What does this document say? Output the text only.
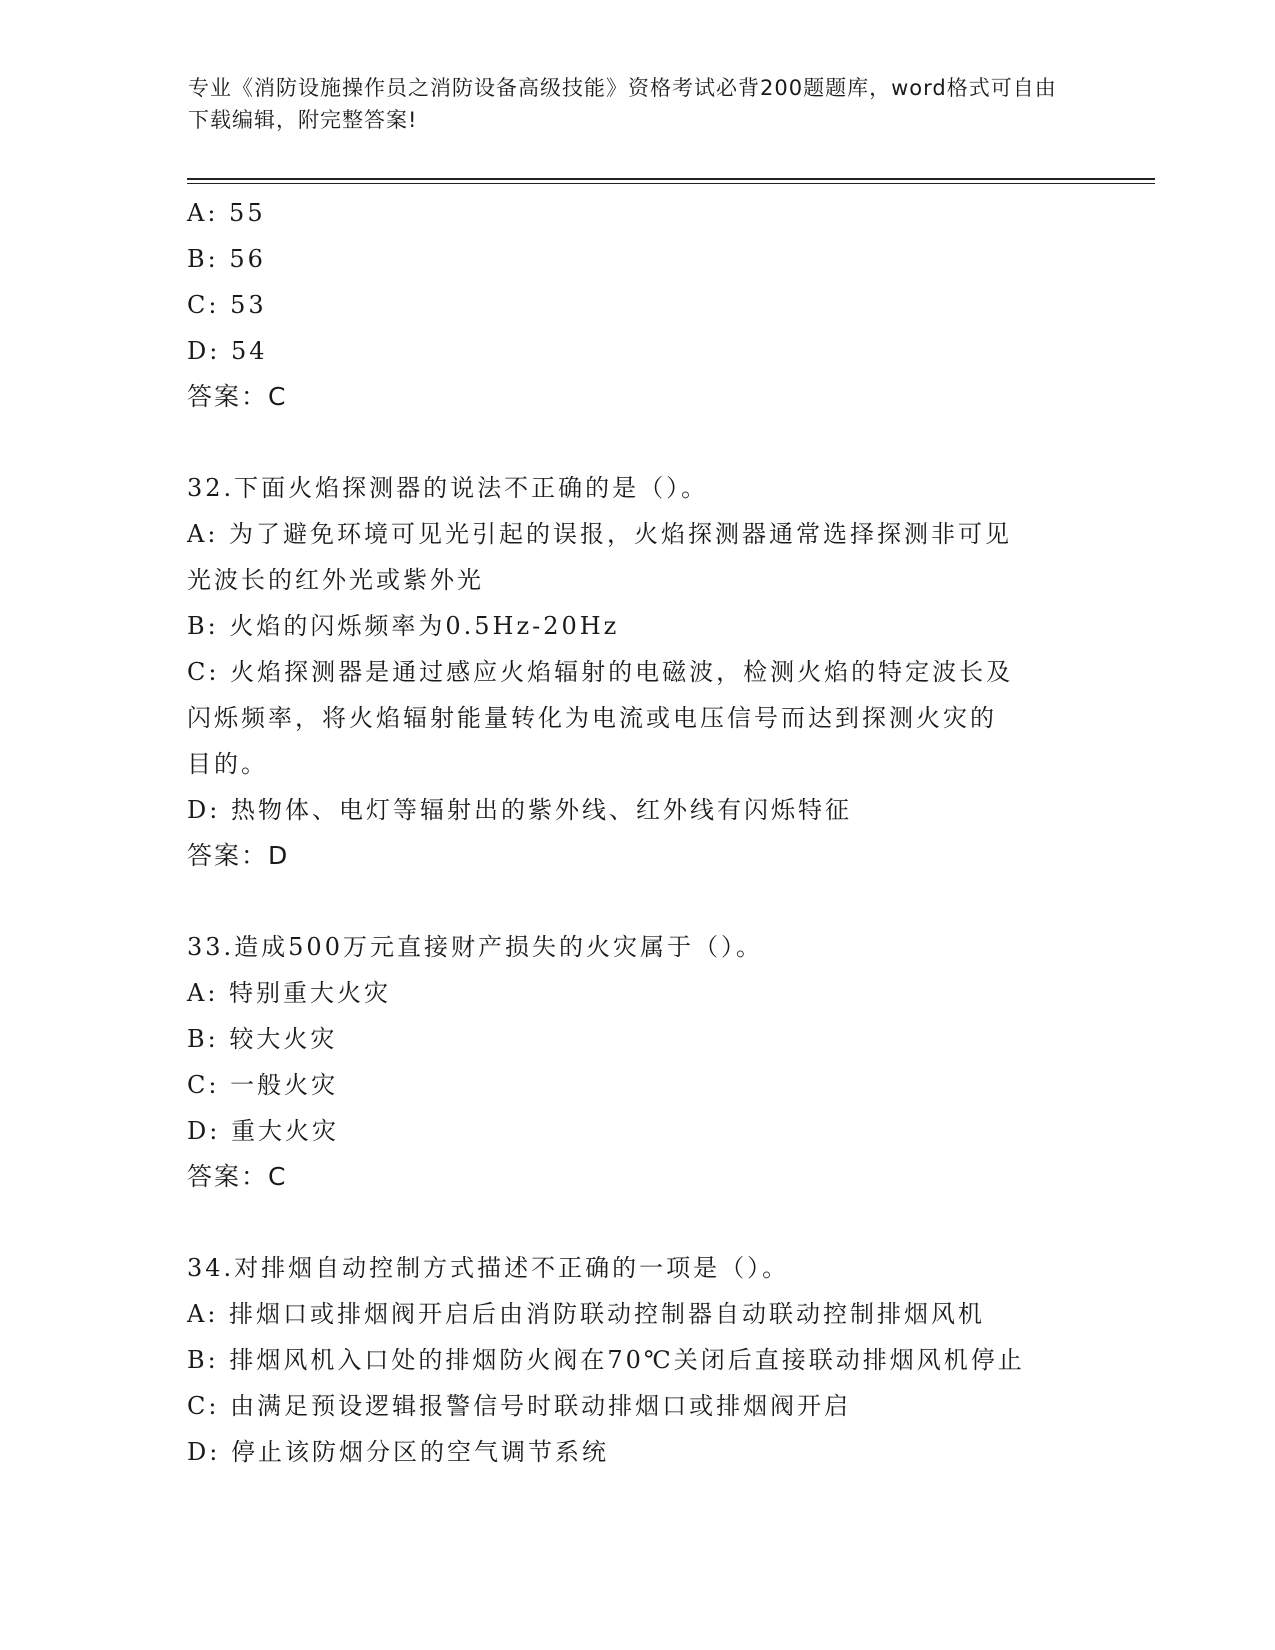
专业《消防设施操作员之消防设备高级技能》资格考试必背200题题库，word格式可自由下载编辑，附完整答案!
A: 55
B: 56
C: 53
D: 54
答案：C
32.下面火焰探测器的说法不正确的是（）。
A: 为了避免环境可见光引起的误报，火焰探测器通常选择探测非可见
光波长的红外光或紫外光
B: 火焰的闪烁频率为0.5Hz-20Hz
C: 火焰探测器是通过感应火焰辐射的电磁波，检测火焰的特定波长及
闪烁频率，将火焰辐射能量转化为电流或电压信号而达到探测火灾的
目的。
D: 热物体、电灯等辐射出的紫外线、红外线有闪烁特征
答案：D
33.造成500万元直接财产损失的火灾属于（）。
A: 特别重大火灾
B: 较大火灾
C: 一般火灾
D: 重大火灾
答案：C
34.对排烟自动控制方式描述不正确的一项是（）。
A: 排烟口或排烟阀开启后由消防联动控制器自动联动控制排烟风机
B: 排烟风机入口处的排烟防火阀在70℃关闭后直接联动排烟风机停止
C: 由满足预设逻辑报警信号时联动排烟口或排烟阀开启
D: 停止该防烟分区的空气调节系统
